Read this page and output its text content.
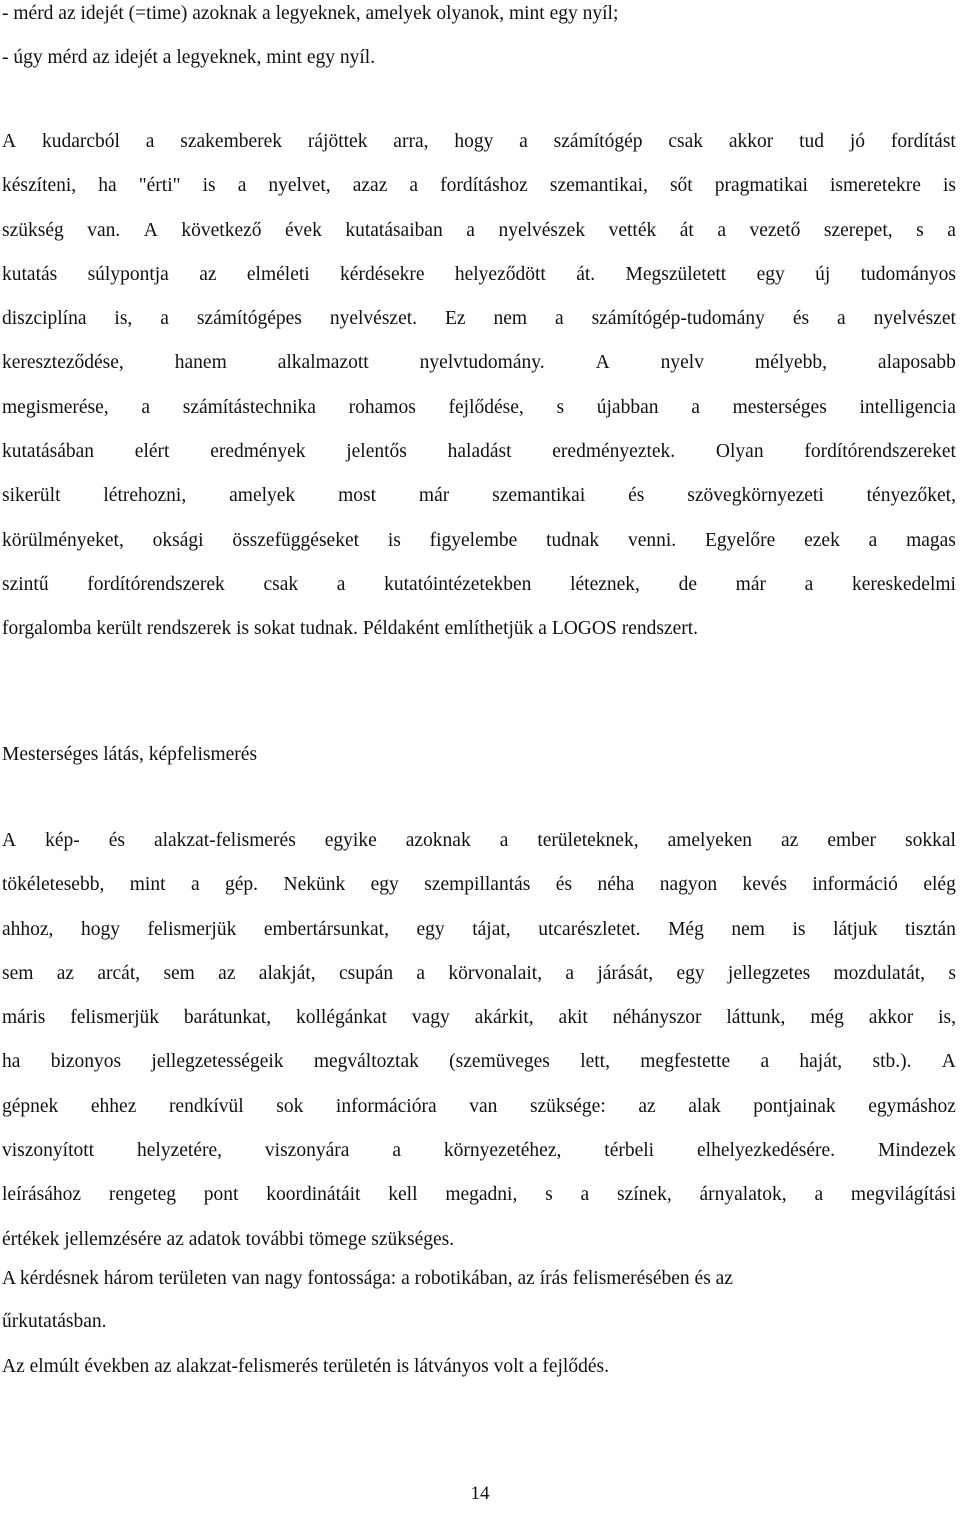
- mérd az idejét (=time) azoknak a legyeknek, amelyek olyanok, mint egy nyíl;
- úgy mérd az idejét a legyeknek, mint egy nyíl.
A kudarcból a szakemberek rájöttek arra, hogy a számítógép csak akkor tud jó fordítást
készíteni, ha "érti" is a nyelvet, azaz a fordításhoz szemantikai, sőt pragmatikai ismeretekre is
szükség van. A következő évek kutatásaiban a nyelvészek vették át a vezető szerepet, s a
kutatás súlypontja az elméleti kérdésekre helyeződött át. Megszületett egy új tudományos
diszciplína is, a számítógépes nyelvészet. Ez nem a számítógép-tudomány és a nyelvészet
kereszteződése,	hanem	alkalmazott	nyelvtudomány.	A	nyelv	mélyebb,	alaposabb
megismerése, a számítástechnika rohamos fejlődése, s újabban a mesterséges intelligencia
kutatásában elért eredmények jelentős haladást eredményeztek. Olyan fordítórendszereket
sikerült létrehozni, amelyek most már szemantikai és szövegkörnyezeti tényezőket,
körülményeket, oksági összefüggéseket is figyelembe tudnak venni. Egyelőre ezek a magas
szintű fordítórendszerek csak a kutatóintézetekben léteznek, de már a kereskedelmi
forgalomba került rendszerek is sokat tudnak. Példaként említhetjük a LOGOS rendszert.
Mesterséges látás, képfelismerés
A kép- és alakzat-felismerés egyike azoknak a területeknek, amelyeken az ember sokkal
tökéletesebb, mint a gép. Nekünk egy szempillantás és néha nagyon kevés információ elég
ahhoz, hogy felismerjük embertársunkat, egy tájat, utcarészletet. Még nem is látjuk tisztán
sem az arcát, sem az alakját, csupán a körvonalait, a járását, egy jellegzetes mozdulatát, s
máris felismerjük barátunkat, kollégánkat vagy akárkit, akit néhányszor láttunk, még akkor is,
ha bizonyos jellegzetességeik megváltoztak (szemüveges lett, megfestette a haját, stb.). A
gépnek ehhez rendkívül sok információra van szüksége: az alak pontjainak egymáshoz
viszonyított helyzetére, viszonyára a környezetéhez, térbeli elhelyezkedésére. Mindezek
leírásához rengeteg pont koordinátáit kell megadni, s a színek, árnyalatok, a megvilágítási
értékek jellemzésére az adatok további tömege szükséges.
A kérdésnek három területen van nagy fontossága: a robotikában, az írás felismerésében és az
űrkutatásban.
Az elmúlt években az alakzat-felismerés területén is látványos volt a fejlődés.
14
